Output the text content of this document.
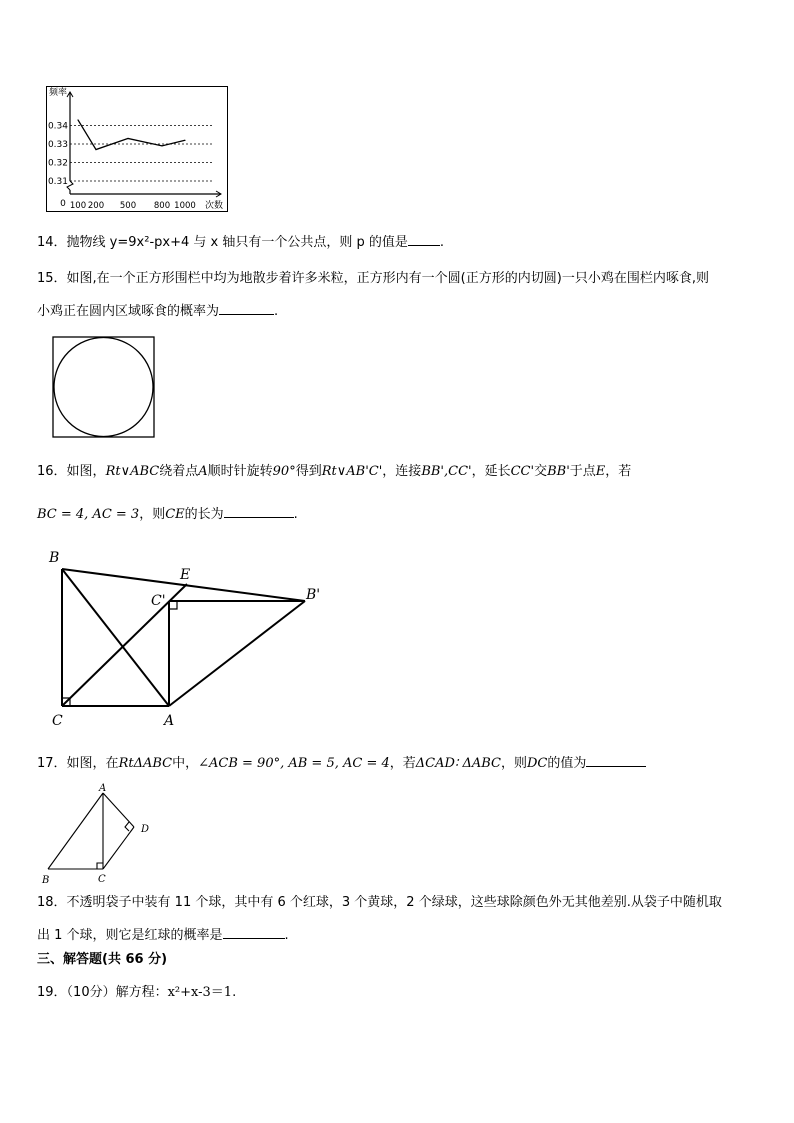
0.31
0.32
0.33
0.34
100 200 500 800 1000
0
频率
次数
14．抛物线 y=9x²-px+4 与 x 轴只有一个公共点，则 p 的值是 .
15．如图,在一个正方形围栏中均为地散步着许多米粒，正方形内有一个圆(正方形的内切圆)一只小鸡在围栏内啄食,则
小鸡正在圆内区域啄食的概率为	.
16．如图，Rt∨ABC绕着点A顺时针旋转90°得到Rt∨AB'C'，连接BB',CC'，延长CC'交BB'于点E，若
BC = 4, AC = 3，则CE的长为	.
B
E
C'	B'
C	A
17．如图，在RtΔABC中，∠ACB = 90°, AB = 5, AC = 4，若ΔCAD∶ ΔABC，则DC的值为
A
D
B	C
18．不透明袋子中装有 11 个球，其中有 6 个红球，3 个黄球，2 个绿球，这些球除颜色外无其他差别.从袋子中随机取
出 1 个球，则它是红球的概率是	.
三、解答题(共 66 分)
19．（10分）解方程：x²+x-3＝1.
